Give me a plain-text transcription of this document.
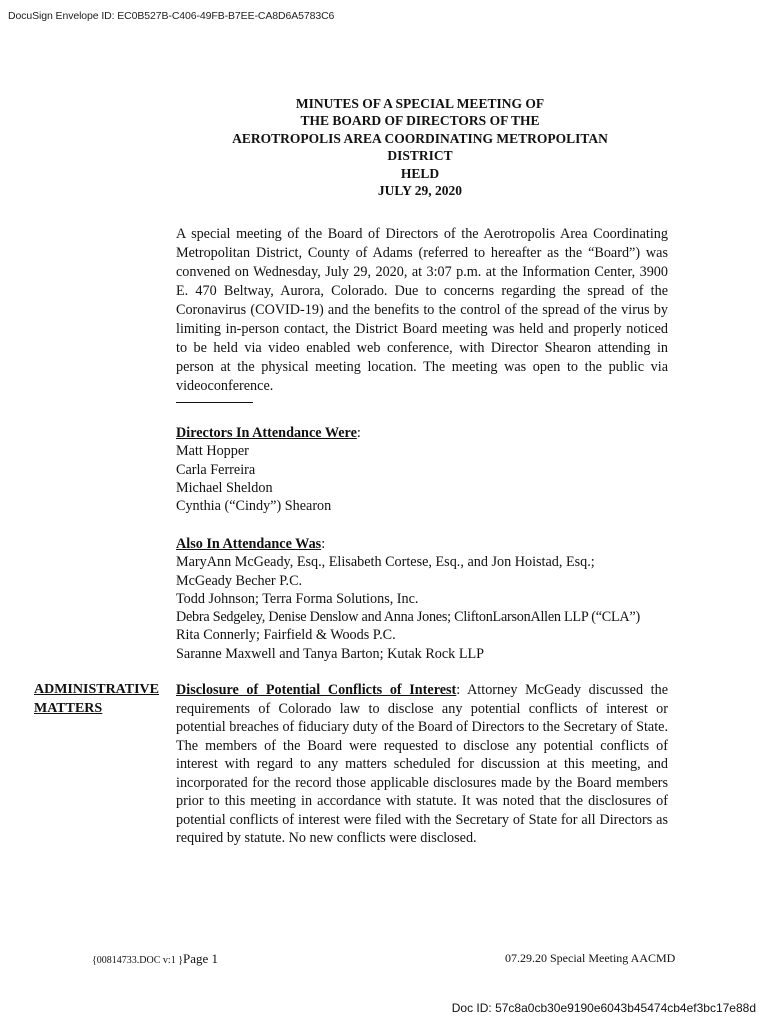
DocuSign Envelope ID: EC0B527B-C406-49FB-B7EE-CA8D6A5783C6
MINUTES OF A SPECIAL MEETING OF
THE BOARD OF DIRECTORS OF THE
AEROTROPOLIS AREA COORDINATING METROPOLITAN
DISTRICT
HELD
JULY 29, 2020
A special meeting of the Board of Directors of the Aerotropolis Area Coordinating Metropolitan District, County of Adams (referred to hereafter as the “Board”) was convened on Wednesday, July 29, 2020, at 3:07 p.m. at the Information Center, 3900 E. 470 Beltway, Aurora, Colorado. Due to concerns regarding the spread of the Coronavirus (COVID-19) and the benefits to the control of the spread of the virus by limiting in-person contact, the District Board meeting was held and properly noticed to be held via video enabled web conference, with Director Shearon attending in person at the physical meeting location. The meeting was open to the public via videoconference.
Directors In Attendance Were:
Matt Hopper
Carla Ferreira
Michael Sheldon
Cynthia (“Cindy”) Shearon
Also In Attendance Was:
MaryAnn McGeady, Esq., Elisabeth Cortese, Esq., and Jon Hoistad, Esq.;
McGeady Becher P.C.
Todd Johnson; Terra Forma Solutions, Inc.
Debra Sedgeley, Denise Denslow and Anna Jones; CliftonLarsonAllen LLP (“CLA”)
Rita Connerly; Fairfield & Woods P.C.
Saranne Maxwell and Tanya Barton; Kutak Rock LLP
ADMINISTRATIVE
MATTERS
Disclosure of Potential Conflicts of Interest: Attorney McGeady discussed the requirements of Colorado law to disclose any potential conflicts of interest or potential breaches of fiduciary duty of the Board of Directors to the Secretary of State. The members of the Board were requested to disclose any potential conflicts of interest with regard to any matters scheduled for discussion at this meeting, and incorporated for the record those applicable disclosures made by the Board members prior to this meeting in accordance with statute. It was noted that the disclosures of potential conflicts of interest were filed with the Secretary of State for all Directors as required by statute. No new conflicts were disclosed.
{00814733.DOC v:1 }Page 1	07.29.20 Special Meeting AACMD
Doc ID: 57c8a0cb30e9190e6043b45474cb4ef3bc17e88d
